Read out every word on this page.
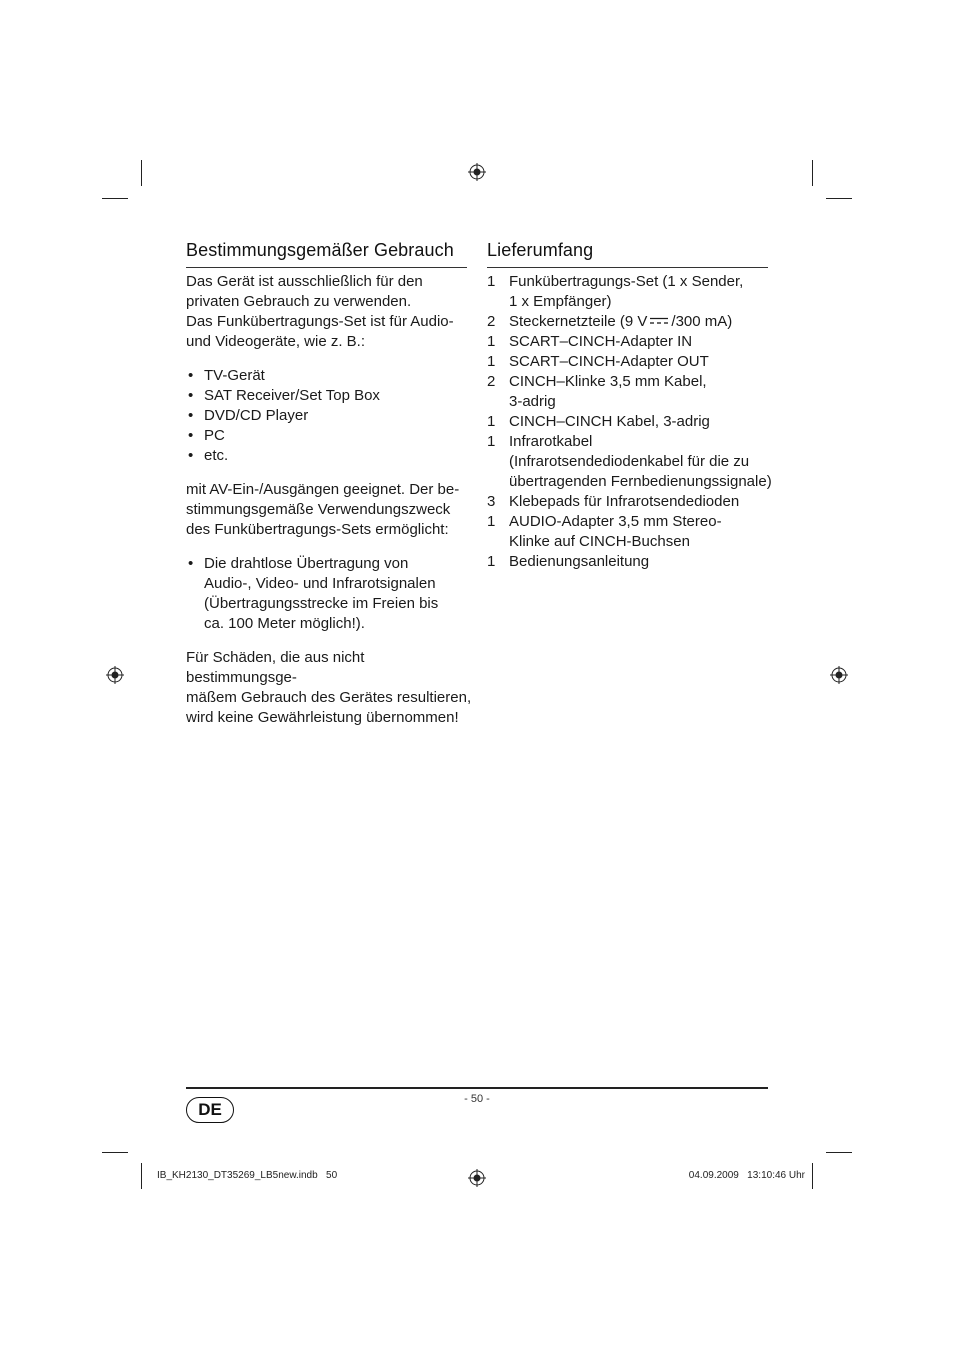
Bestimmungsgemäßer Gebrauch

Das Gerät ist ausschließlich für den
privaten Gebrauch zu verwenden.
Das Funkübertragungs-Set ist für Audio-
und Videogeräte, wie z. B.:

• TV-Gerät
• SAT Receiver/Set Top Box
• DVD/CD Player
• PC
• etc.

mit AV-Ein-/Ausgängen geeignet. Der be-
stimmungsgemäße Verwendungszweck
des Funkübertragungs-Sets ermöglicht:

• Die drahtlose Übertragung von
Audio-, Video- und Infrarotsignalen
(Übertragungsstrecke im Freien bis
ca. 100 Meter möglich!).

Für Schäden, die aus nicht bestimmungsge-
mäßem Gebrauch des Gerätes resultieren,
wird keine Gewährleistung übernommen!

Lieferumfang
1 Funkübertragungs-Set (1 x Sender,
1 x Empfänger)
2 Steckernetzteile (9 V /300 mA)
1 SCART–CINCH-Adapter IN
1 SCART–CINCH-Adapter OUT
2 CINCH–Klinke 3,5 mm Kabel,
3-adrig
1 CINCH–CINCH Kabel, 3-adrig
1 Infrarotkabel
(Infrarotsendediodenkabel für die zu
übertragenden Fernbedienungssignale)
3 Klebepads für Infrarotsendedioden
1 AUDIO-Adapter 3,5 mm Stereo-
Klinke auf CINCH-Buchsen
1 Bedienungsanleitung
- 50 -
DE
IB_KH2130_DT35269_LB5new.indb   50	04.09.2009   13:10:46 Uhr
